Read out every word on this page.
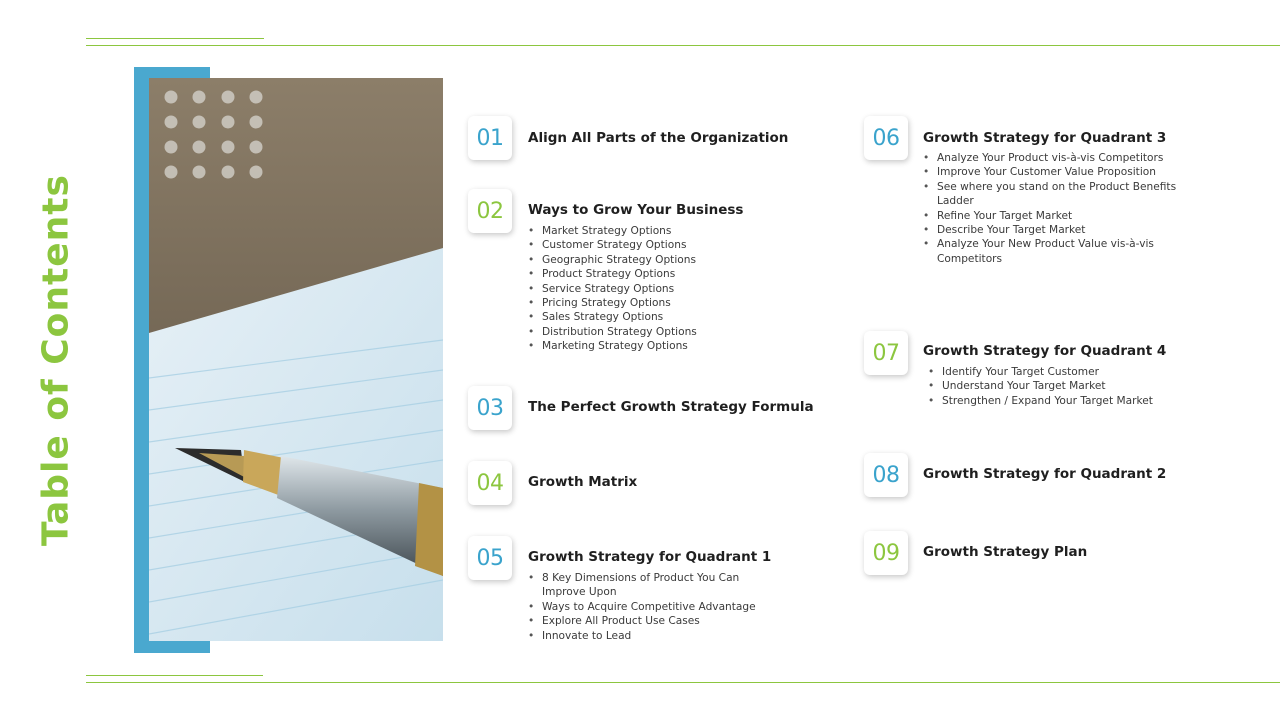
Table of Contents
01	Align All Parts of the Organization
02	Ways to Grow Your Business
• Market Strategy Options
• Customer Strategy Options
• Geographic Strategy Options
• Product Strategy Options
• Service Strategy Options
• Pricing Strategy Options
• Sales Strategy Options
• Distribution Strategy Options
• Marketing Strategy Options
03	The Perfect Growth Strategy Formula
04	Growth Matrix
05	Growth Strategy for Quadrant 1
• 8 Key Dimensions of Product You Can Improve Upon
• Ways to Acquire Competitive Advantage
• Explore All Product Use Cases
• Innovate to Lead
06	Growth Strategy for Quadrant 3
• Analyze Your Product vis-à-vis Competitors
• Improve Your Customer Value Proposition
• See where you stand on the Product Benefits Ladder
• Refine Your Target Market
• Describe Your Target Market
• Analyze Your New Product Value vis-à-vis Competitors
07	Growth Strategy for Quadrant 4
• Identify Your Target Customer
• Understand Your Target Market
• Strengthen / Expand Your Target Market
08	Growth Strategy for Quadrant 2
09	Growth Strategy Plan
